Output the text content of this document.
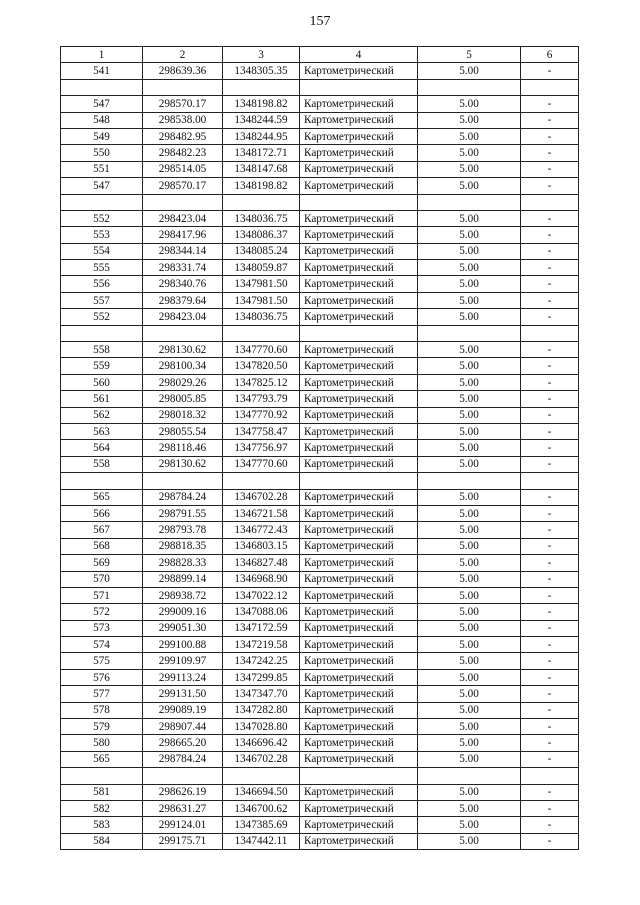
157
1	2	3	4	5	6
541	298639.36	1348305.35	Картометрический	5.00	-

547	298570.17	1348198.82	Картометрический	5.00	-
548	298538.00	1348244.59	Картометрический	5.00	-
549	298482.95	1348244.95	Картометрический	5.00	-
550	298482.23	1348172.71	Картометрический	5.00	-
551	298514.05	1348147.68	Картометрический	5.00	-
547	298570.17	1348198.82	Картометрический	5.00	-

552	298423.04	1348036.75	Картометрический	5.00	-
553	298417.96	1348086.37	Картометрический	5.00	-
554	298344.14	1348085.24	Картометрический	5.00	-
555	298331.74	1348059.87	Картометрический	5.00	-
556	298340.76	1347981.50	Картометрический	5.00	-
557	298379.64	1347981.50	Картометрический	5.00	-
552	298423.04	1348036.75	Картометрический	5.00	-

558	298130.62	1347770.60	Картометрический	5.00	-
559	298100.34	1347820.50	Картометрический	5.00	-
560	298029.26	1347825.12	Картометрический	5.00	-
561	298005.85	1347793.79	Картометрический	5.00	-
562	298018.32	1347770.92	Картометрический	5.00	-
563	298055.54	1347758.47	Картометрический	5.00	-
564	298118.46	1347756.97	Картометрический	5.00	-
558	298130.62	1347770.60	Картометрический	5.00	-

565	298784.24	1346702.28	Картометрический	5.00	-
566	298791.55	1346721.58	Картометрический	5.00	-
567	298793.78	1346772.43	Картометрический	5.00	-
568	298818.35	1346803.15	Картометрический	5.00	-
569	298828.33	1346827.48	Картометрический	5.00	-
570	298899.14	1346968.90	Картометрический	5.00	-
571	298938.72	1347022.12	Картометрический	5.00	-
572	299009.16	1347088.06	Картометрический	5.00	-
573	299051.30	1347172.59	Картометрический	5.00	-
574	299100.88	1347219.58	Картометрический	5.00	-
575	299109.97	1347242.25	Картометрический	5.00	-
576	299113.24	1347299.85	Картометрический	5.00	-
577	299131.50	1347347.70	Картометрический	5.00	-
578	299089.19	1347282.80	Картометрический	5.00	-
579	298907.44	1347028.80	Картометрический	5.00	-
580	298665.20	1346696.42	Картометрический	5.00	-
565	298784.24	1346702.28	Картометрический	5.00	-

581	298626.19	1346694.50	Картометрический	5.00	-
582	298631.27	1346700.62	Картометрический	5.00	-
583	299124.01	1347385.69	Картометрический	5.00	-
584	299175.71	1347442.11	Картометрический	5.00	-
